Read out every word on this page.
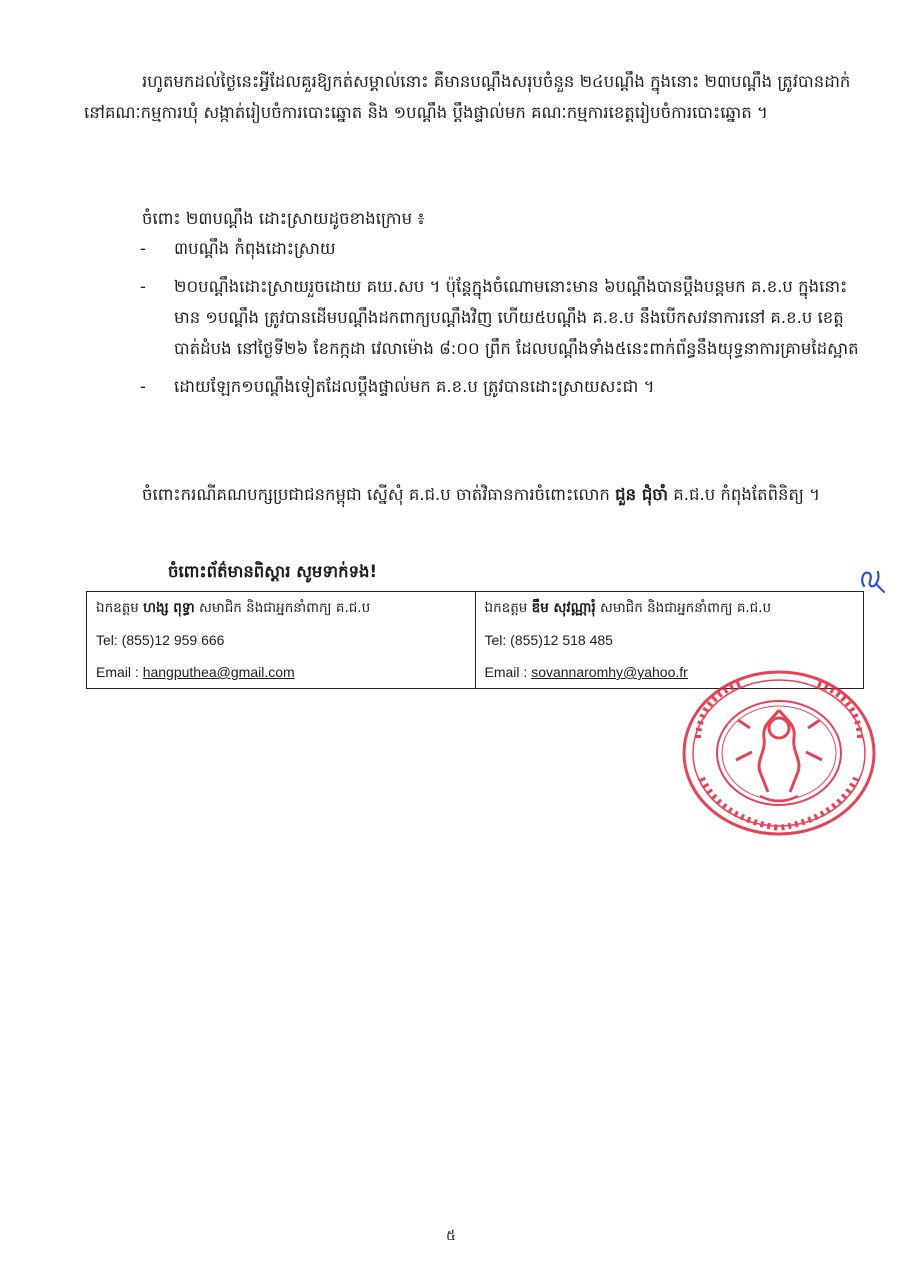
រហូតមកដល់ថ្ងៃនេះអ្វីដែលគួរឱ្យកត់សម្គាល់នោះ គឺមានបណ្តឹងសរុបចំនួន ២៤បណ្តឹង ក្នុងនោះ ២៣បណ្តឹង ត្រូវបានដាក់នៅគណៈកម្មការឃុំ សង្កាត់រៀបចំការបោះឆ្នោត និង ១បណ្តឹង ប្តឹងផ្ទាល់មក គណៈកម្មការខេត្តរៀបចំការបោះឆ្នោត ។

ចំពោះ ២៣បណ្តឹង ដោះស្រាយដូចខាងក្រោម ៖
- ៣បណ្តឹង កំពុងដោះស្រាយ
- ២០បណ្តឹងដោះស្រាយរួចដោយ គឃ.សប ។ ប៉ុន្តែក្នុងចំណោមនោះមាន ៦បណ្តឹងបានប្តឹងបន្តមក គ.ខ.ប ក្នុងនោះមាន ១បណ្តឹង ត្រូវបានដើមបណ្តឹងដកពាក្យបណ្តឹងវិញ ហើយ៥បណ្តឹង គ.ខ.ប នឹងបើកសវនាការនៅ គ.ខ.ប ខេត្តបាត់ដំបង នៅថ្ងៃទី២៦ ខែកក្កដា វេលាម៉ោង ៨:០០ ព្រឹក ដែលបណ្តឹងទាំង៥នេះពាក់ព័ន្ធនឹងយុទ្ធនាការគ្រាមដៃស្អាត
- ដោយឡែក១បណ្តឹងទៀតដែលប្តឹងផ្ទាល់មក គ.ខ.ប ត្រូវបានដោះស្រាយសះជា ។

ចំពោះករណីគណបក្សប្រជាជនកម្ពុជា ស្នើសុំ គ.ជ.ប ចាត់វិធានការចំពោះលោក ជួន ជុំចាំ គ.ជ.ប កំពុងតែពិនិត្យ ។

ចំពោះព័ត៌មានពិស្តារ សូមទាក់ទង!
ឯកឧត្តម ហង្ស ពុទ្ធា សមាជិក និងជាអ្នកនាំពាក្យ គ.ជ.ប
Tel: (855)12 959 666
Email : hangputhea@gmail.com

ឯកឧត្តម ឌឹម សុវណ្ណារុំ សមាជិក និងជាអ្នកនាំពាក្យ គ.ជ.ប
Tel: (855)12 518 485
Email : sovannaromhy@yahoo.fr
៥
